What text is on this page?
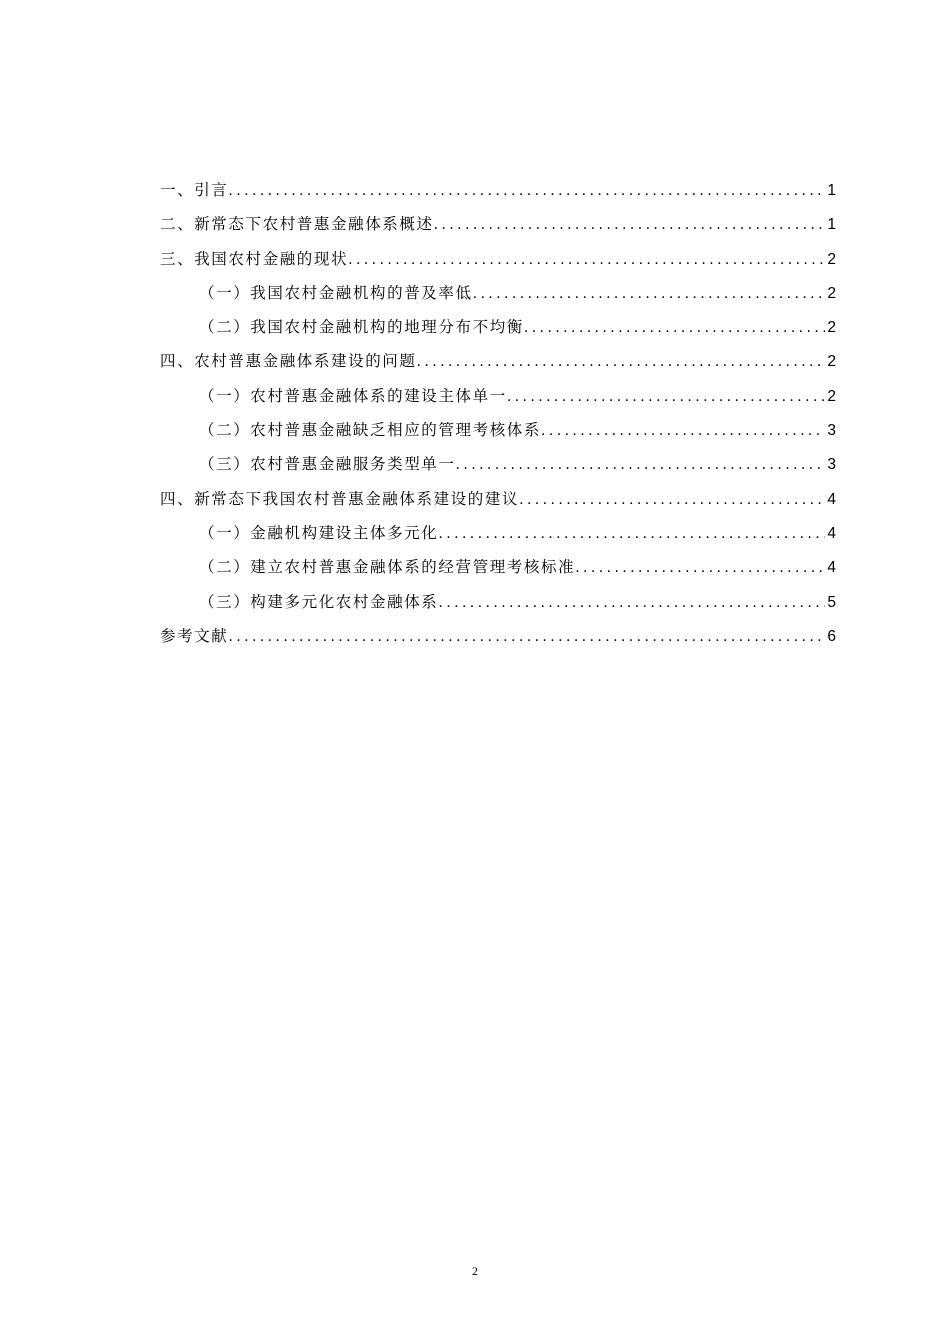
一、引言 .....	1
二、新常态下农村普惠金融体系概述 .....	1
三、我国农村金融的现状 .....	2
（一）我国农村金融机构的普及率低 .....	2
（二）我国农村金融机构的地理分布不均衡 .....	2
四、农村普惠金融体系建设的问题 .....	2
（一）农村普惠金融体系的建设主体单一 .....	2
（二）农村普惠金融缺乏相应的管理考核体系 .....	3
（三）农村普惠金融服务类型单一 .....	3
四、新常态下我国农村普惠金融体系建设的建议 .....	4
（一）金融机构建设主体多元化 .....	4
（二）建立农村普惠金融体系的经营管理考核标准 .....	4
（三）构建多元化农村金融体系 .....	5
参考文献 .....	6
2
